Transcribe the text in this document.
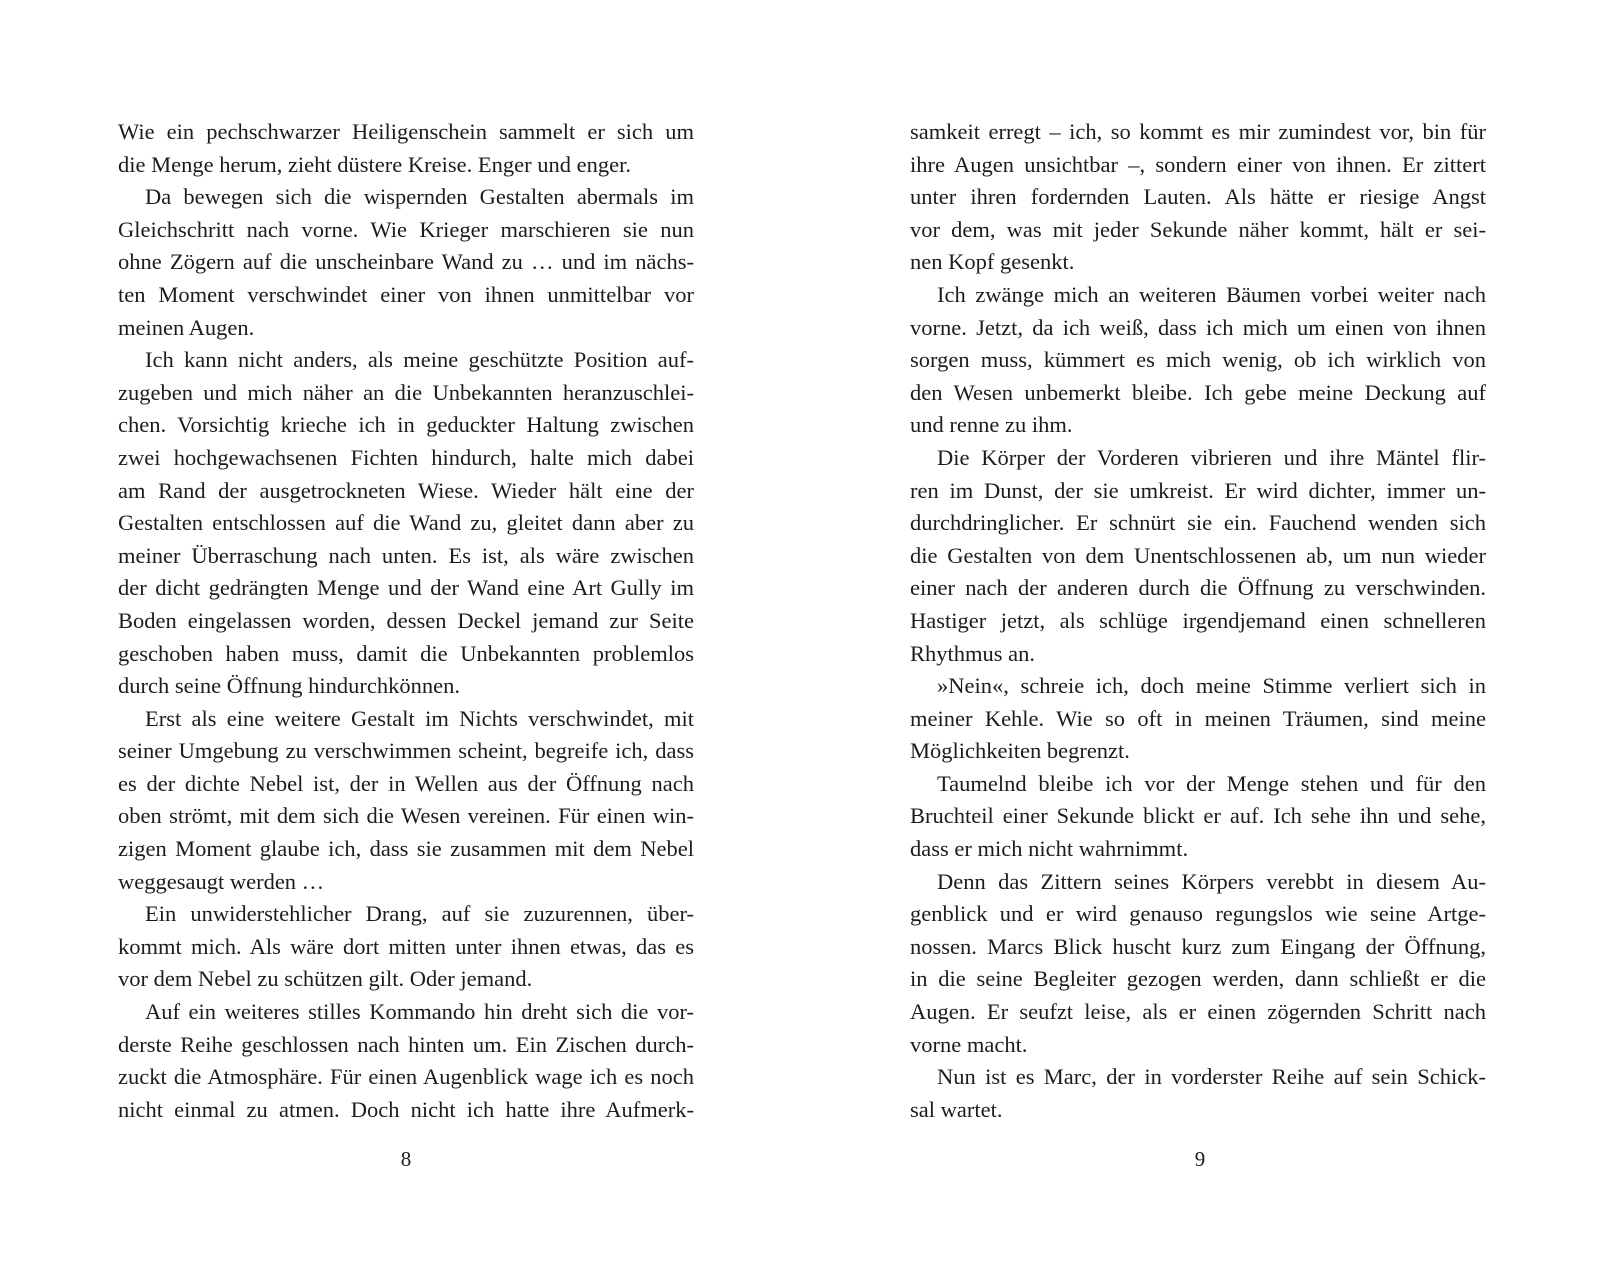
Wie ein pechschwarzer Heiligenschein sammelt er sich um
die Menge herum, zieht düstere Kreise. Enger und enger.
Da bewegen sich die wispernden Gestalten abermals im
Gleichschritt nach vorne. Wie Krieger marschieren sie nun
ohne Zögern auf die unscheinbare Wand zu … und im nächs-
ten Moment verschwindet einer von ihnen unmittelbar vor
meinen Augen.
Ich kann nicht anders, als meine geschützte Position auf-
zugeben und mich näher an die Unbekannten heranzuschlei-
chen. Vorsichtig krieche ich in geduckter Haltung zwischen
zwei hochgewachsenen Fichten hindurch, halte mich dabei
am Rand der ausgetrockneten Wiese. Wieder hält eine der
Gestalten entschlossen auf die Wand zu, gleitet dann aber zu
meiner Überraschung nach unten. Es ist, als wäre zwischen
der dicht gedrängten Menge und der Wand eine Art Gully im
Boden eingelassen worden, dessen Deckel jemand zur Seite
geschoben haben muss, damit die Unbekannten problemlos
durch seine Öffnung hindurchkönnen.
Erst als eine weitere Gestalt im Nichts verschwindet, mit
seiner Umgebung zu verschwimmen scheint, begreife ich, dass
es der dichte Nebel ist, der in Wellen aus der Öffnung nach
oben strömt, mit dem sich die Wesen vereinen. Für einen win-
zigen Moment glaube ich, dass sie zusammen mit dem Nebel
weggesaugt werden …
Ein unwiderstehlicher Drang, auf sie zuzurennen, über-
kommt mich. Als wäre dort mitten unter ihnen etwas, das es
vor dem Nebel zu schützen gilt. Oder jemand.
Auf ein weiteres stilles Kommando hin dreht sich die vor-
derste Reihe geschlossen nach hinten um. Ein Zischen durch-
zuckt die Atmosphäre. Für einen Augenblick wage ich es noch
nicht einmal zu atmen. Doch nicht ich hatte ihre Aufmerk-
8
samkeit erregt – ich, so kommt es mir zumindest vor, bin für
ihre Augen unsichtbar –, sondern einer von ihnen. Er zittert
unter ihren fordernden Lauten. Als hätte er riesige Angst
vor dem, was mit jeder Sekunde näher kommt, hält er sei-
nen Kopf gesenkt.
Ich zwänge mich an weiteren Bäumen vorbei weiter nach
vorne. Jetzt, da ich weiß, dass ich mich um einen von ihnen
sorgen muss, kümmert es mich wenig, ob ich wirklich von
den Wesen unbemerkt bleibe. Ich gebe meine Deckung auf
und renne zu ihm.
Die Körper der Vorderen vibrieren und ihre Mäntel flir-
ren im Dunst, der sie umkreist. Er wird dichter, immer un-
durchdringlicher. Er schnürt sie ein. Fauchend wenden sich
die Gestalten von dem Unentschlossenen ab, um nun wieder
einer nach der anderen durch die Öffnung zu verschwinden.
Hastiger jetzt, als schlüge irgendjemand einen schnelleren
Rhythmus an.
»Nein«, schreie ich, doch meine Stimme verliert sich in
meiner Kehle. Wie so oft in meinen Träumen, sind meine
Möglichkeiten begrenzt.
Taumelnd bleibe ich vor der Menge stehen und für den
Bruchteil einer Sekunde blickt er auf. Ich sehe ihn und sehe,
dass er mich nicht wahrnimmt.
Denn das Zittern seines Körpers verebbt in diesem Au-
genblick und er wird genauso regungslos wie seine Artge-
nossen. Marcs Blick huscht kurz zum Eingang der Öffnung,
in die seine Begleiter gezogen werden, dann schließt er die
Augen. Er seufzt leise, als er einen zögernden Schritt nach
vorne macht.
Nun ist es Marc, der in vorderster Reihe auf sein Schick-
sal wartet.
9
